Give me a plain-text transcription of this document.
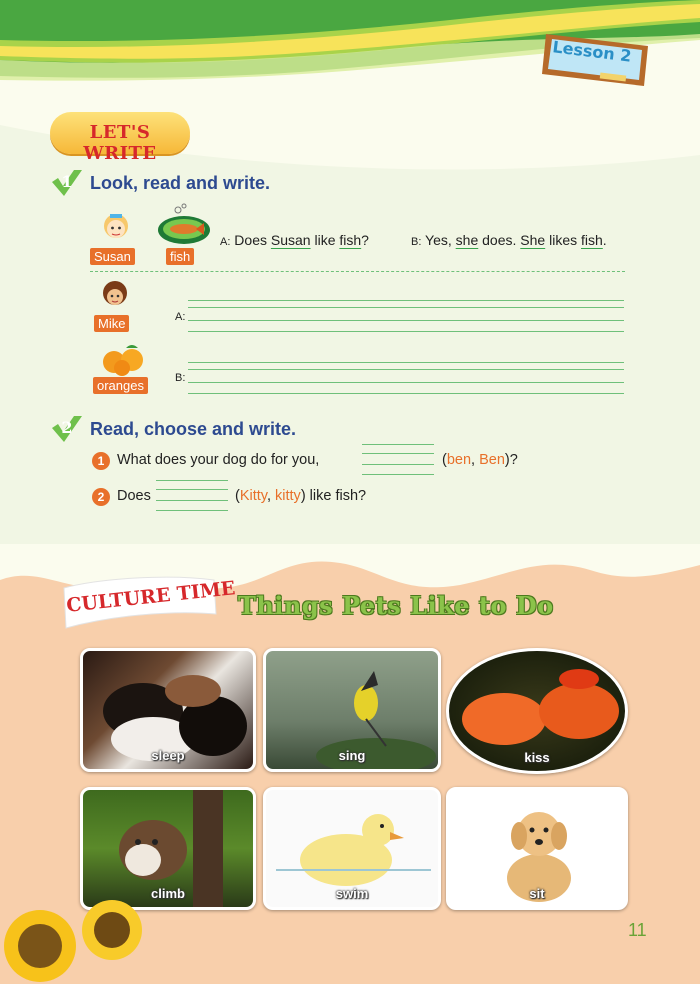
Lesson 2
LET'S WRITE
1 Look, read and write.
Susan	fish
A: Does Susan like fish?	B: Yes, she does. She likes fish.
Mike	A:
oranges	B:
2 Read, choose and write.
1 What does your dog do for you,	(ben, Ben)?
2 Does	(Kitty, kitty) like fish?
CULTURE TIME Things Pets Like to Do
sleep	sing	kiss
climb	swim	sit
11
